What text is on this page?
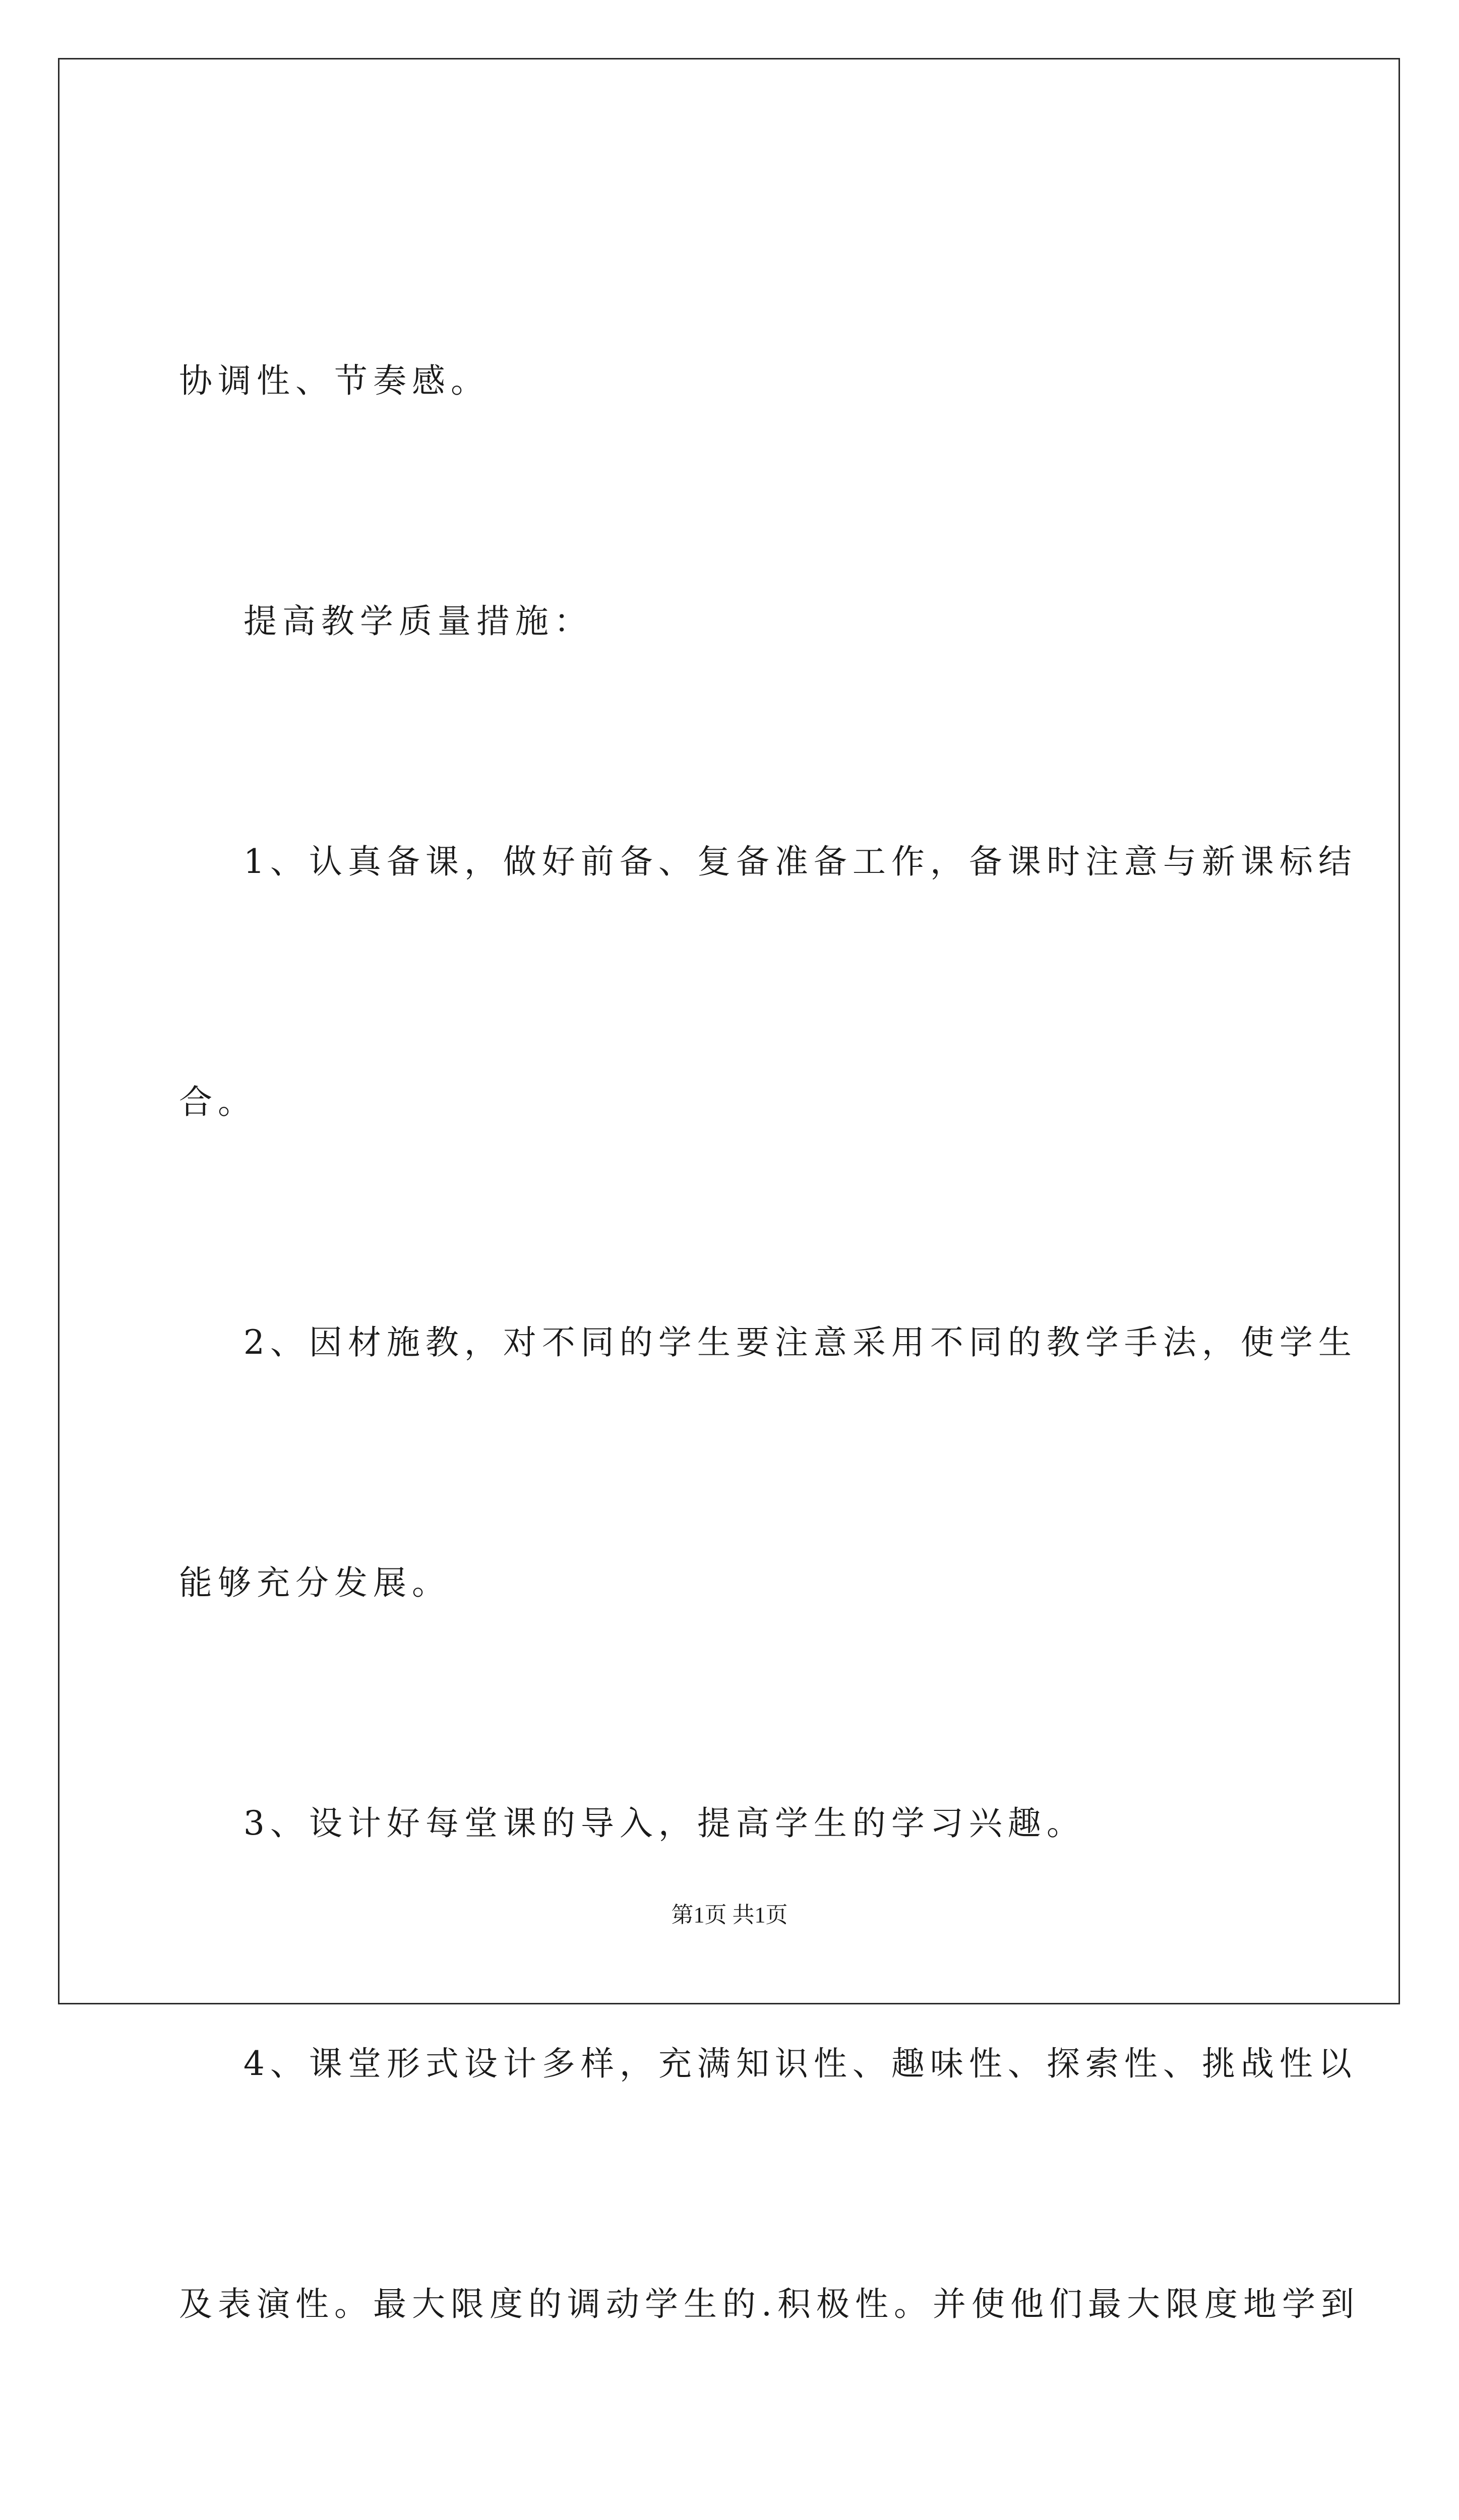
协调性、节奏感。

提高教学质量措施：

1、认真备课，做好前备、复备准备工作，备课时注意与新课标结

合。

2、因材施教，对不同的学生要注意采用不同的教学手法，使学生

能够充分发展。

3、设计好每堂课的导入，提高学生的学习兴趣。

4、课堂形式设计多样，充满知识性、趣味性、探索性、挑战性以

及表演性。最大限度的调动学生的.积极性。并使他们最大限度地学到

第1页 共1页
